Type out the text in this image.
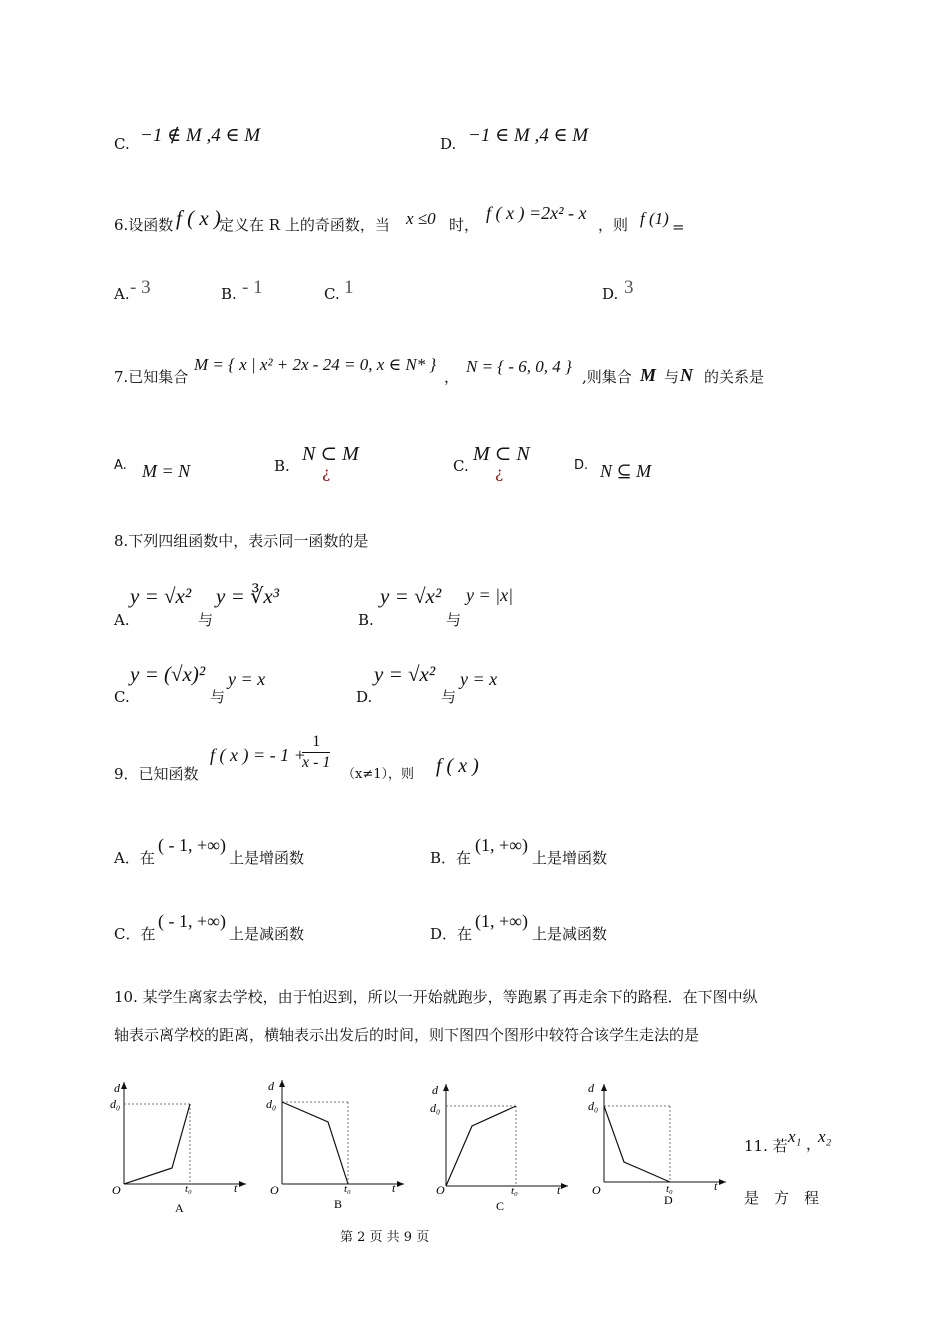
C. −1 ∉ M ,4 ∈ M	D. −1 ∈ M ,4 ∈ M
6.设函数 f ( x )
定义在 R 上的奇函数，当 x ≤0 时，
f ( x ) =2x² - x
，则 f (1) =
A. - 3	B. - 1	C. 1	D. 3
7.已知集合
M = { x | x² + 2x - 24 = 0, x ∈ N* }
，
N = { - 6, 0, 4 }
,则集合 M 与 N 的关系是
A. M = N	B.
N ⊂ M
¿	C.
M ⊂ N
¿	D. N ⊆ M
8.下列四组函数中，表示同一函数的是
A.
y = √x²
与
y = ∛x³
B.
y = √x²
与
y = |x|
C.
y = (√x)²
与
y = x
D.
y = √x²
与
y = x
9．已知函数
f ( x ) = - 1 +
$\frac{1}{x - 1}$
（x≠1），则 f ( x )
A．在
( - 1, +∞)
上是增函数	B．在
(1, +∞)
上是增函数
C．在
( - 1, +∞)
上是减函数	D．在
(1, +∞)
上是减函数
10. 某学生离家去学校，由于怕迟到，所以一开始就跑步，等跑累了再走余下的路程．在下图中纵
轴表示离学校的距离，横轴表示出发后的时间，则下图四个图形中较符合该学生走法的是
d
d₀
O	t₀	t
A
d
d₀
O	t₀	t
B
d
d₀
O	t₀	t
C
d
d₀
O	t₀	t
D
11. 若 x₁ ，
x₂
是　方　程
第 2 页 共 9 页
